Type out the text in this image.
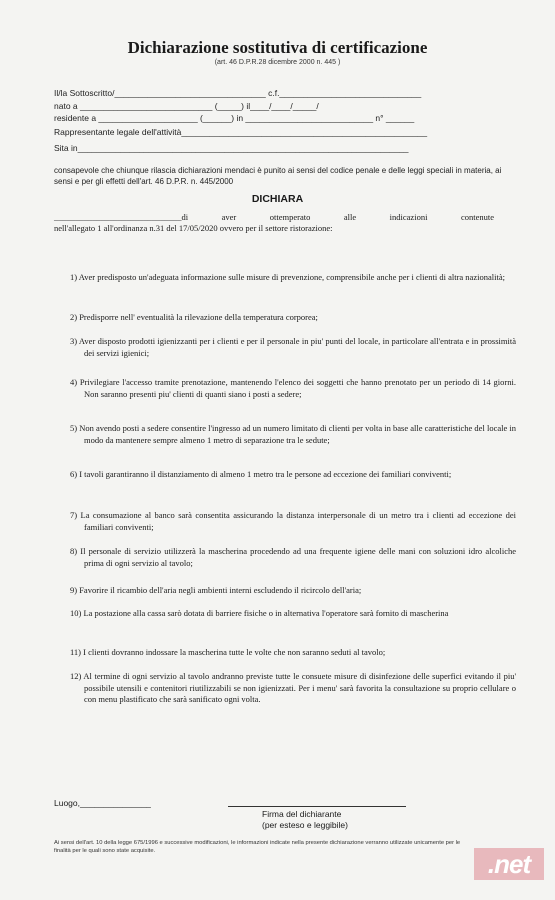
Dichiarazione sostitutiva di certificazione
(art. 46 D.P.R.28 dicembre 2000 n. 445 )
Il/la Sottoscritto/________________________________ c.f.______________________________
nato a ____________________________ (_____) il____/____/_____/
residente a _____________________ (______) in ___________________________ n° ______
Rappresentante legale dell'attività____________________________________________________
Sita in______________________________________________________________________
consapevole che chiunque rilascia dichiarazioni mendaci è punito ai sensi del codice penale e delle leggi speciali in materia, ai sensi e per gli effetti dell'art. 46 D.P.R. n. 445/2000
DICHIARA
______________________________di aver ottemperato alle indicazioni contenute
nell'allegato 1 all'ordinanza n.31 del 17/05/2020 ovvero per il settore ristorazione:
1) Aver predisposto un'adeguata informazione sulle misure di prevenzione, comprensibile anche per i clienti di altra nazionalità;
2) Predisporre nell' eventualità la rilevazione della temperatura corporea;
3) Aver disposto prodotti igienizzanti per i clienti e per il personale in piu' punti del locale, in particolare all'entrata e in prossimità dei servizi igienici;
4) Privilegiare l'accesso tramite prenotazione, mantenendo l'elenco dei soggetti che hanno prenotato per un periodo di 14 giorni. Non saranno presenti piu' clienti di quanti siano i posti a sedere;
5) Non avendo posti a sedere consentire l'ingresso ad un numero limitato di clienti per volta in base alle caratteristiche del locale in modo da mantenere sempre almeno 1 metro di separazione tra le sedute;
6) I tavoli garantiranno il distanziamento di almeno 1 metro tra le persone ad eccezione dei familiari conviventi;
7) La consumazione al banco sarà consentita assicurando la distanza interpersonale di un metro tra i clienti ad eccezione dei familiari conviventi;
8) Il personale di servizio utilizzerà la mascherina procedendo ad una frequente igiene delle mani con soluzioni idro alcoliche prima di ogni servizio al tavolo;
9) Favorire il ricambio dell'aria negli ambienti interni escludendo il ricircolo dell'aria;
10) La postazione alla cassa sarò dotata di barriere fisiche o in alternativa l'operatore sarà fornito di mascherina
11) I clienti dovranno indossare la mascherina tutte le volte che non saranno seduti al tavolo;
12) Al termine di ogni servizio al tavolo andranno previste tutte le consuete misure di disinfezione delle superfici evitando il piu' possibile utensili e contenitori riutilizzabili se non igienizzati. Per i menu' sarà favorita la consultazione su proprio cellulare o con menu plastificato che sarà sanificato ogni volta.
Luogo,_______________
Firma del dichiarante
(per esteso e leggibile)
Ai sensi dell'art. 10 della legge 675/1996 e successive modificazioni, le informazioni indicate nella presente dichiarazione verranno utilizzate unicamente per le finalità per le quali sono state acquisite.	.net
